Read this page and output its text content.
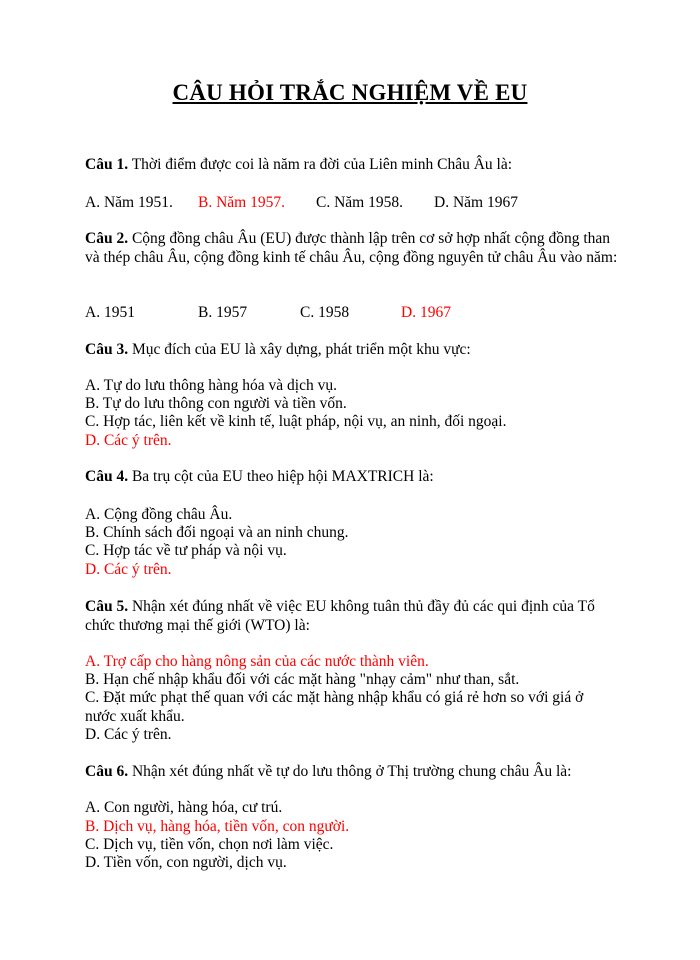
CÂU HỎI TRẮC NGHIỆM VỀ EU
Câu 1. Thời điểm được coi là năm ra đời của Liên minh Châu Âu là:
A. Năm 1951. B. Năm 1957. C. Năm 1958. D. Năm 1967
Câu 2. Cộng đồng châu Âu (EU) được thành lập trên cơ sở hợp nhất cộng đồng than và thép châu Âu, cộng đồng kinh tế châu Âu, cộng đồng nguyên tử châu Âu vào năm:
A. 1951	B. 1957	C. 1958	D. 1967
Câu 3. Mục đích của EU là xây dựng, phát triển một khu vực:
A. Tự do lưu thông hàng hóa và dịch vụ.
B. Tự do lưu thông con người và tiền vốn.
C. Hợp tác, liên kết về kinh tế, luật pháp, nội vụ, an ninh, đối ngoại.
D. Các ý trên.
Câu 4. Ba trụ cột của EU theo hiệp hội MAXTRICH là:
A. Cộng đồng châu Âu.
B. Chính sách đối ngoại và an ninh chung.
C. Hợp tác về tư pháp và nội vụ.
D. Các ý trên.
Câu 5. Nhận xét đúng nhất về việc EU không tuân thủ đầy đủ các qui định của Tổ chức thương mại thế giới (WTO) là:
A. Trợ cấp cho hàng nông sản của các nước thành viên.
B. Hạn chế nhập khẩu đối với các mặt hàng "nhạy cảm" như than, sắt.
C. Đặt mức phạt thế quan với các mặt hàng nhập khẩu có giá rẻ hơn so với giá ở
nước xuất khẩu.
D. Các ý trên.
Câu 6. Nhận xét đúng nhất về tự do lưu thông ở Thị trường chung châu Âu là:
A. Con người, hàng hóa, cư trú.
B. Dịch vụ, hàng hóa, tiền vốn, con người.
C. Dịch vụ, tiền vốn, chọn nơi làm việc.
D. Tiền vốn, con người, dịch vụ.
